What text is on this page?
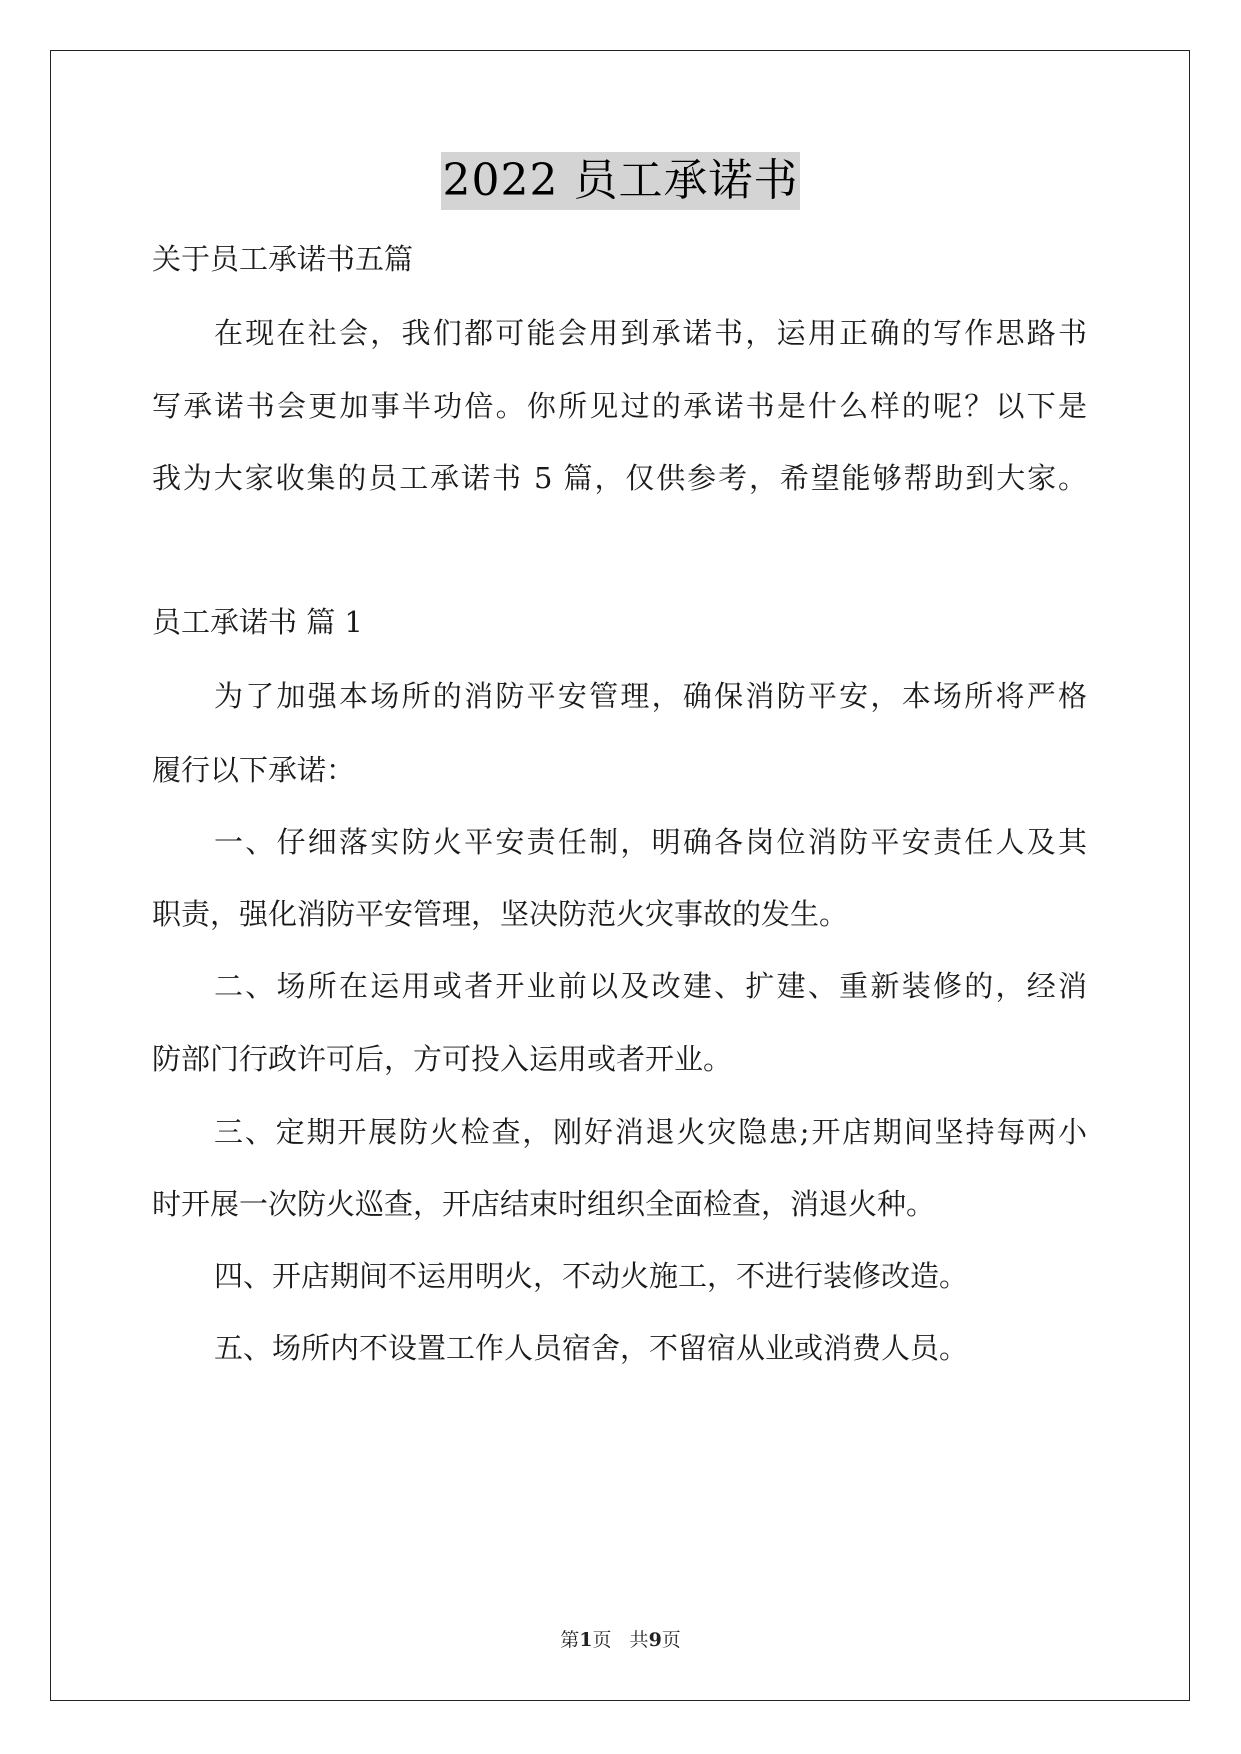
2022 员工承诺书
关于员工承诺书五篇
在现在社会，我们都可能会用到承诺书，运用正确的写作思路书
写承诺书会更加事半功倍。你所见过的承诺书是什么样的呢？以下是
我为大家收集的员工承诺书 5 篇，仅供参考，希望能够帮助到大家。
员工承诺书 篇 1
为了加强本场所的消防平安管理，确保消防平安，本场所将严格
履行以下承诺：
一、仔细落实防火平安责任制，明确各岗位消防平安责任人及其
职责，强化消防平安管理，坚决防范火灾事故的发生。
二、场所在运用或者开业前以及改建、扩建、重新装修的，经消
防部门行政许可后，方可投入运用或者开业。
三、定期开展防火检查，刚好消退火灾隐患;开店期间坚持每两小
时开展一次防火巡查，开店结束时组织全面检查，消退火种。
四、开店期间不运用明火，不动火施工，不进行装修改造。
五、场所内不设置工作人员宿舍，不留宿从业或消费人员。
第1页   共9页
